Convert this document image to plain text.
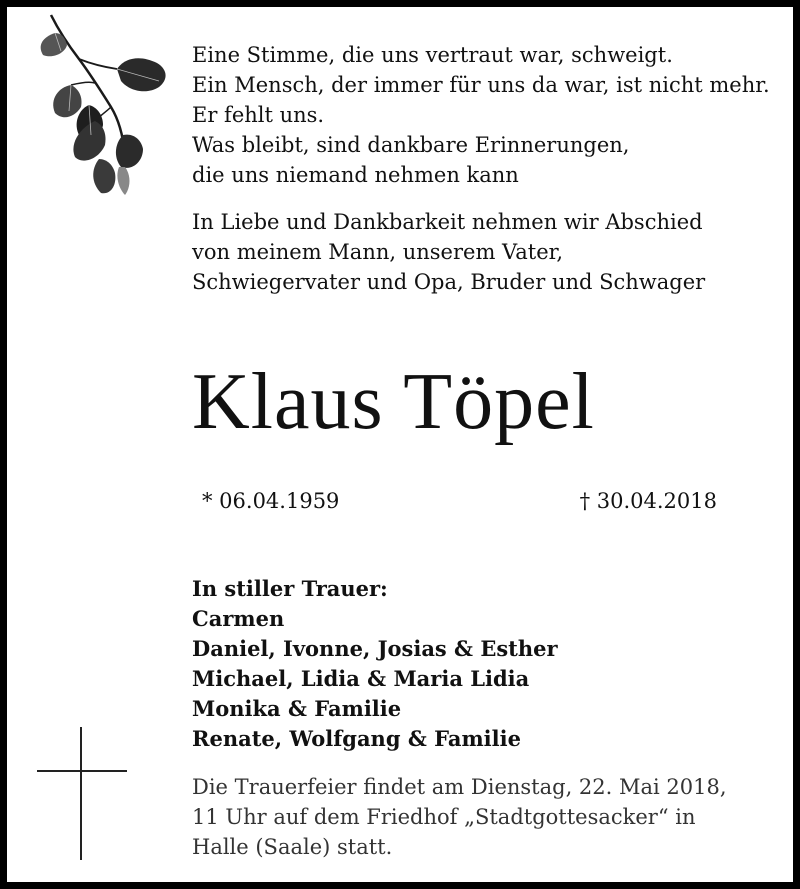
Eine Stimme, die uns vertraut war, schweigt.
Ein Mensch, der immer für uns da war, ist nicht mehr.
Er fehlt uns.
Was bleibt, sind dankbare Erinnerungen,
die uns niemand nehmen kann
In Liebe und Dankbarkeit nehmen wir Abschied
von meinem Mann, unserem Vater,
Schwiegervater und Opa, Bruder und Schwager
Klaus Töpel
* 06.04.1959	† 30.04.2018
In stiller Trauer:
Carmen
Daniel, Ivonne, Josias & Esther
Michael, Lidia & Maria Lidia
Monika & Familie
Renate, Wolfgang & Familie
Die Trauerfeier findet am Dienstag, 22. Mai 2018,
11 Uhr auf dem Friedhof „Stadtgottesacker“ in
Halle (Saale) statt.
